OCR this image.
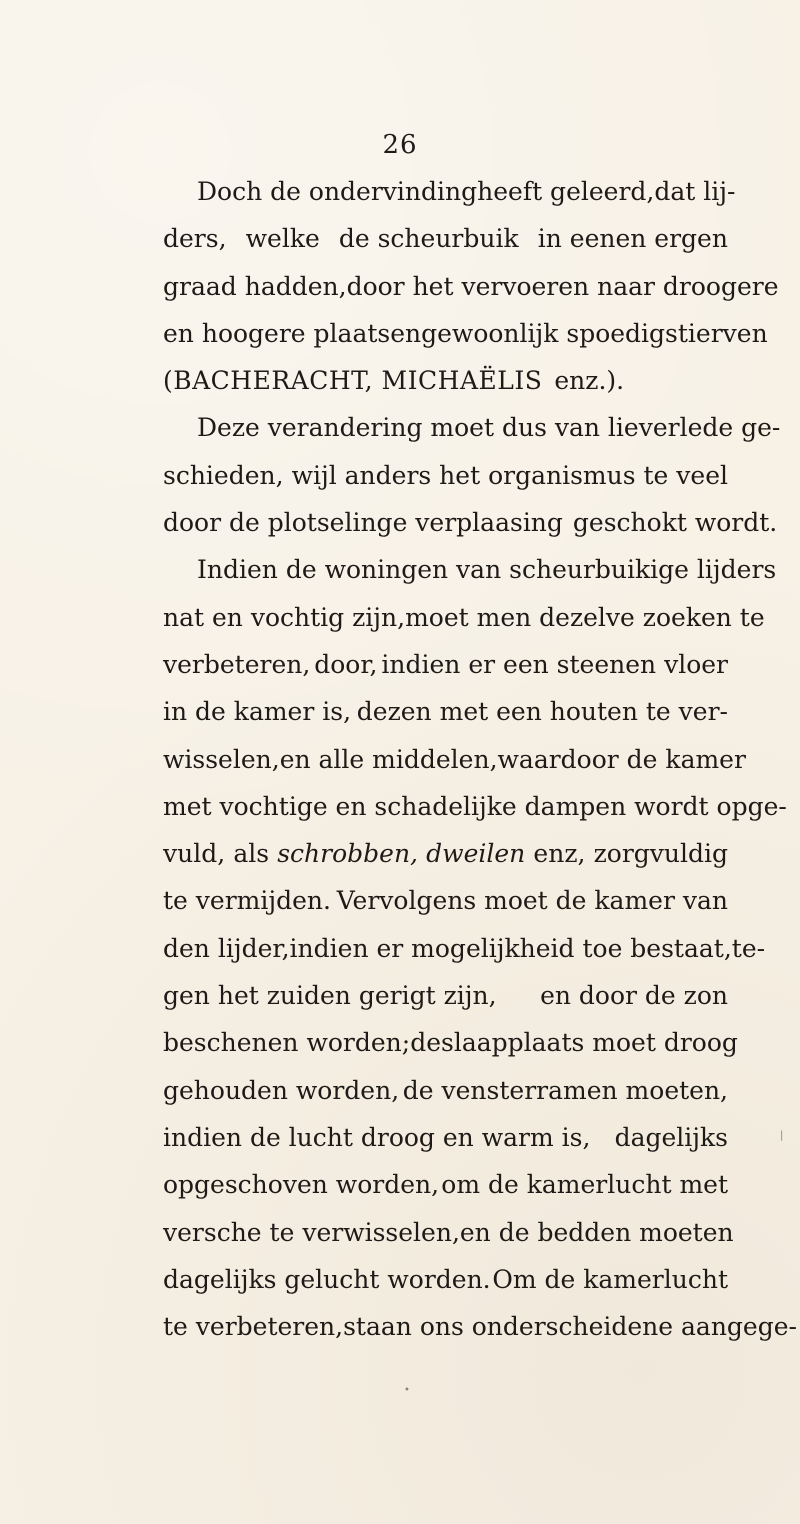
26
Doch de ondervinding heeft geleerd, dat lij-
ders, welke de scheurbuik in eenen ergen
graad hadden, door het vervoeren naar droogere
en hoogere plaatsen gewoonlijk spoedig stierven
(BACHERACHT, MICHAËLIS enz.).
Deze verandering moet dus van lieverlede ge-
schieden, wijl anders het organismus te veel
door de plotselinge verplaasing geschokt wordt.
Indien de woningen van scheurbuikige lijders
nat en vochtig zijn, moet men dezelve zoeken te
verbeteren, door, indien er een steenen vloer
in de kamer is, dezen met een houten te ver-
wisselen, en alle middelen, waardoor de kamer
met vochtige en schadelijke dampen wordt opge-
vuld, als schrobben, dweilen enz, zorgvuldig
te vermijden. Vervolgens moet de kamer van
den lijder, indien er mogelijkheid toe bestaat, te-
gen het zuiden gerigt zijn, en door de zon
beschenen worden; de slaapplaats moet droog
gehouden worden, de vensterramen moeten,
indien de lucht droog en warm is, dagelijks
opgeschoven worden, om de kamerlucht met
versche te verwisselen, en de bedden moeten
dagelijks gelucht worden. Om de kamerlucht
te verbeteren, staan ons onderscheidene aangege-
|
•
